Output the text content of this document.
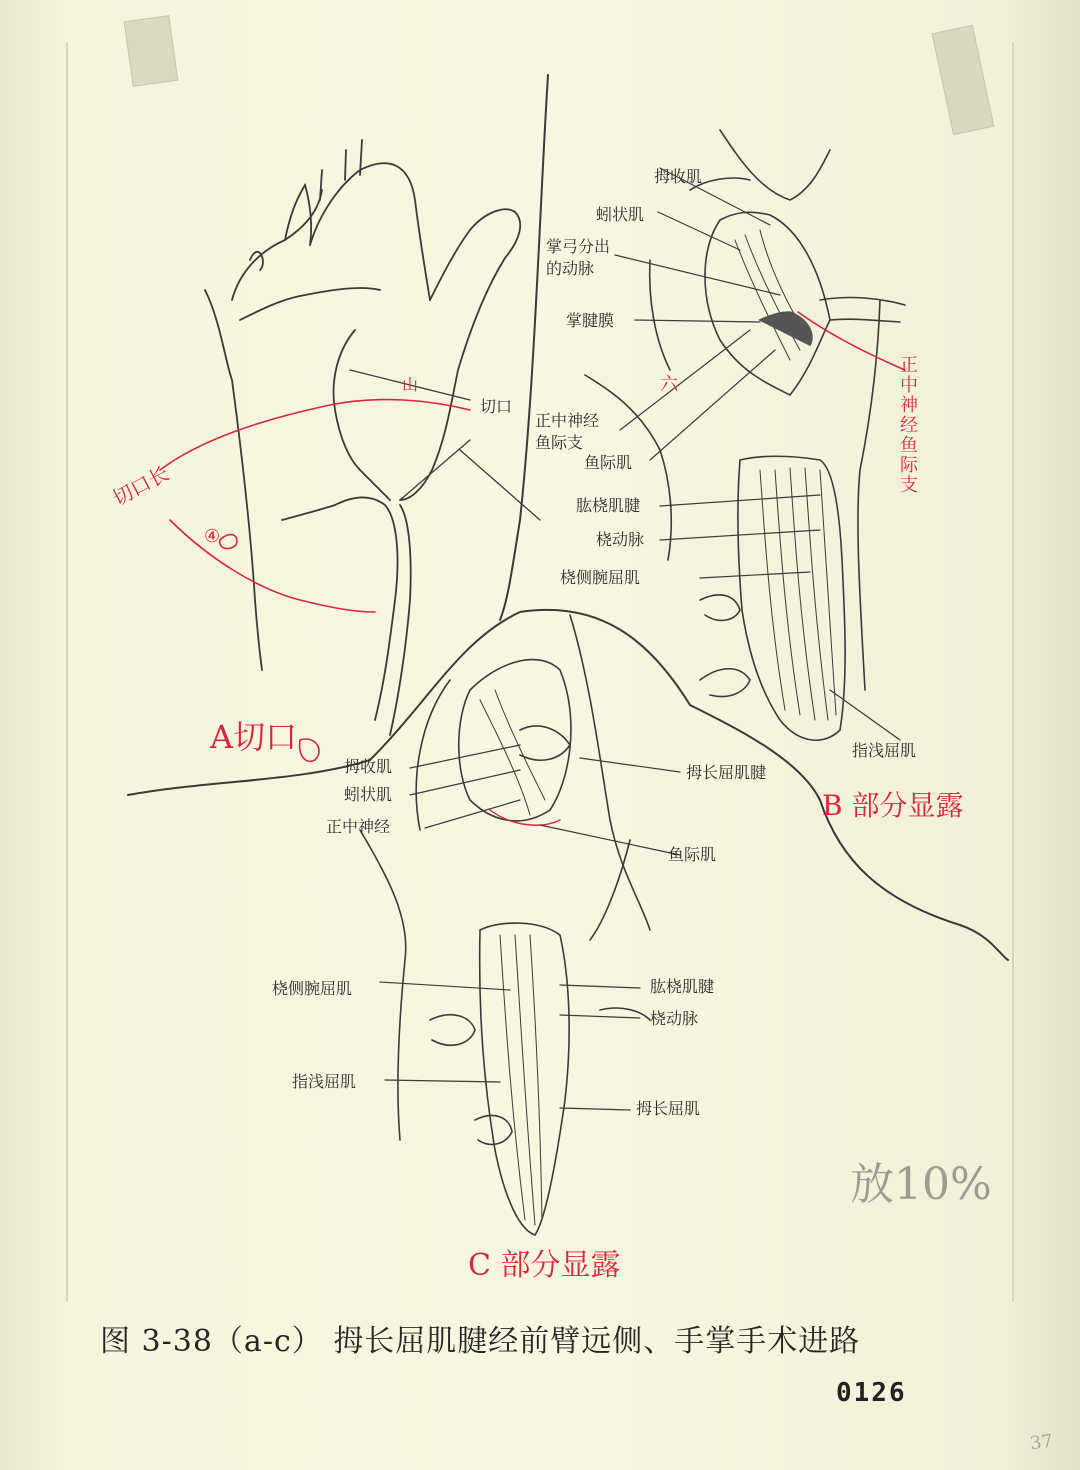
切口
A切口
切口长
④
山
拇收肌
蚓状肌
掌弓分出
的动脉
掌腱膜
正中神经
鱼际支
鱼际肌
肱桡肌腱
桡动脉
桡侧腕屈肌
指浅屈肌
B 部分显露
正中神经鱼际支
六
拇收肌
蚓状肌
正中神经
拇长屈肌腱
鱼际肌
桡侧腕屈肌	肱桡肌腱
桡动脉
指浅屈肌
拇长屈肌
C 部分显露
放10%
图 3-38（a-c） 拇长屈肌腱经前臂远侧、手掌手术进路
0126
37
